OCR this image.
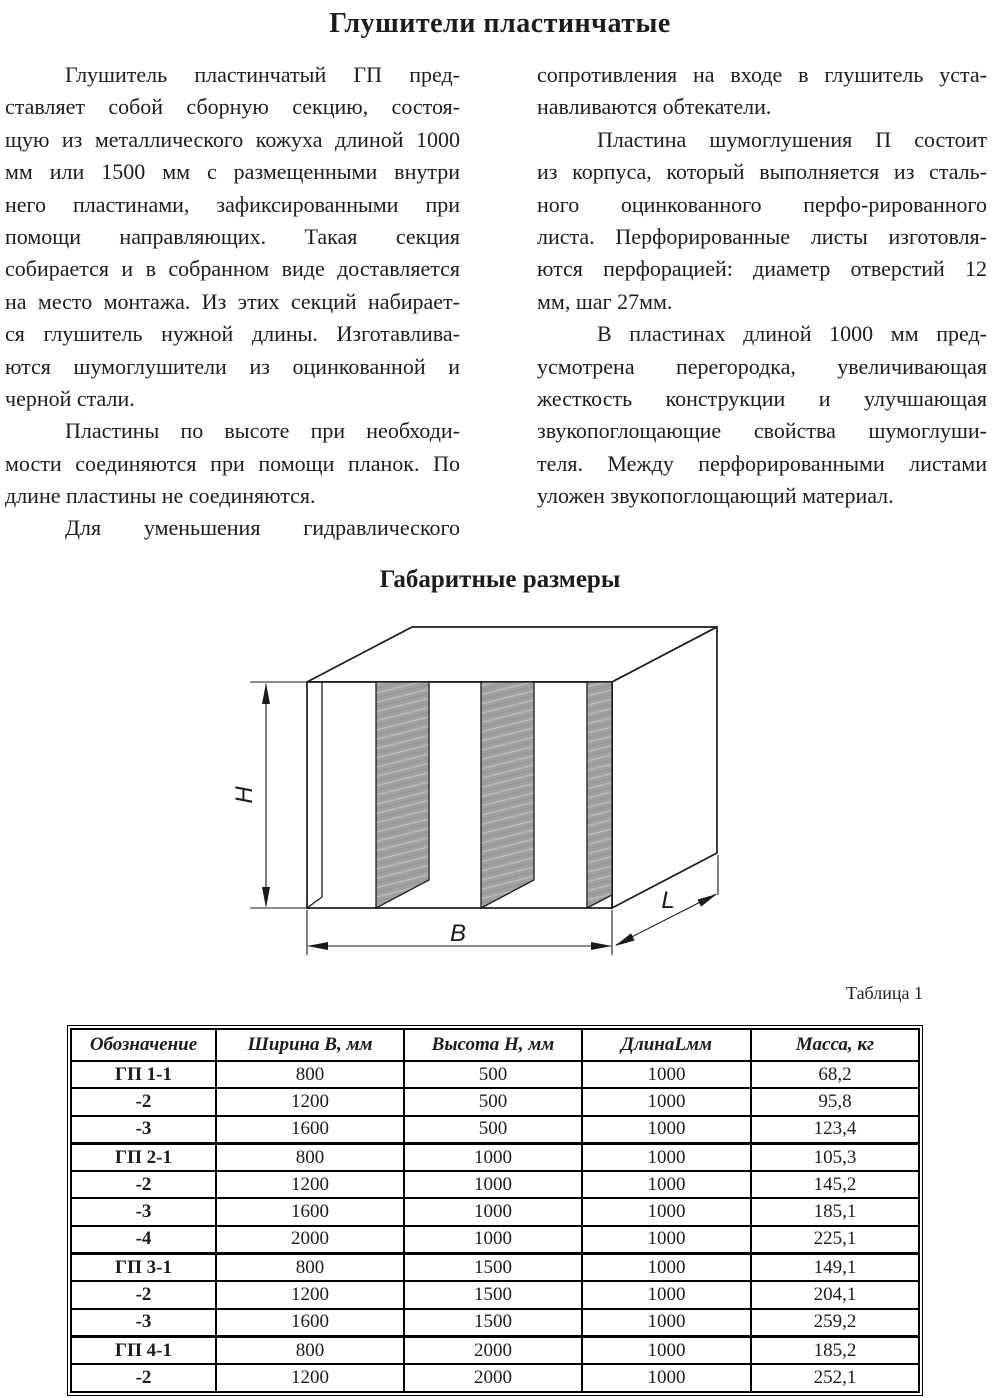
Глушители пластинчатые
Глушитель пластинчатый ГП пред-
ставляет собой сборную секцию, состоя-
щую из металлического кожуха длиной 1000
мм или 1500 мм с размещенными внутри
него пластинами, зафиксированными при
помощи направляющих. Такая секция
собирается и в собранном виде доставляется
на место монтажа. Из этих секций набирает-
ся глушитель нужной длины. Изготавлива-
ются шумоглушители из оцинкованной и
черной стали.
Пластины по высоте при необходи-
мости соединяются при помощи планок. По
длине пластины не соединяются.
Для уменьшения гидравлического
сопротивления на входе в глушитель уста-
навливаются обтекатели.
Пластина шумоглушения П состоит
из корпуса, который выполняется из сталь-
ного оцинкованного перфо-рированного
листа. Перфорированные листы изготовля-
ются перфорацией: диаметр отверстий 12
мм, шаг 27мм.
В пластинах длиной 1000 мм пред-
усмотрена перегородка, увеличивающая
жесткость конструкции и улучшающая
звукопоглощающие свойства шумоглуши-
теля. Между перфорированными листами
уложен звукопоглощающий материал.
Габаритные размеры
H
B
L
Таблица 1
Обозначение	Ширина В, мм	Высота Н, мм	ДлинаLмм	Масса, кг
ГП 1-1	800	500	1000	68,2
-2	1200	500	1000	95,8
-3	1600	500	1000	123,4
ГП 2-1	800	1000	1000	105,3
-2	1200	1000	1000	145,2
-3	1600	1000	1000	185,1
-4	2000	1000	1000	225,1
ГП 3-1	800	1500	1000	149,1
-2	1200	1500	1000	204,1
-3	1600	1500	1000	259,2
ГП 4-1	800	2000	1000	185,2
-2	1200	2000	1000	252,1
